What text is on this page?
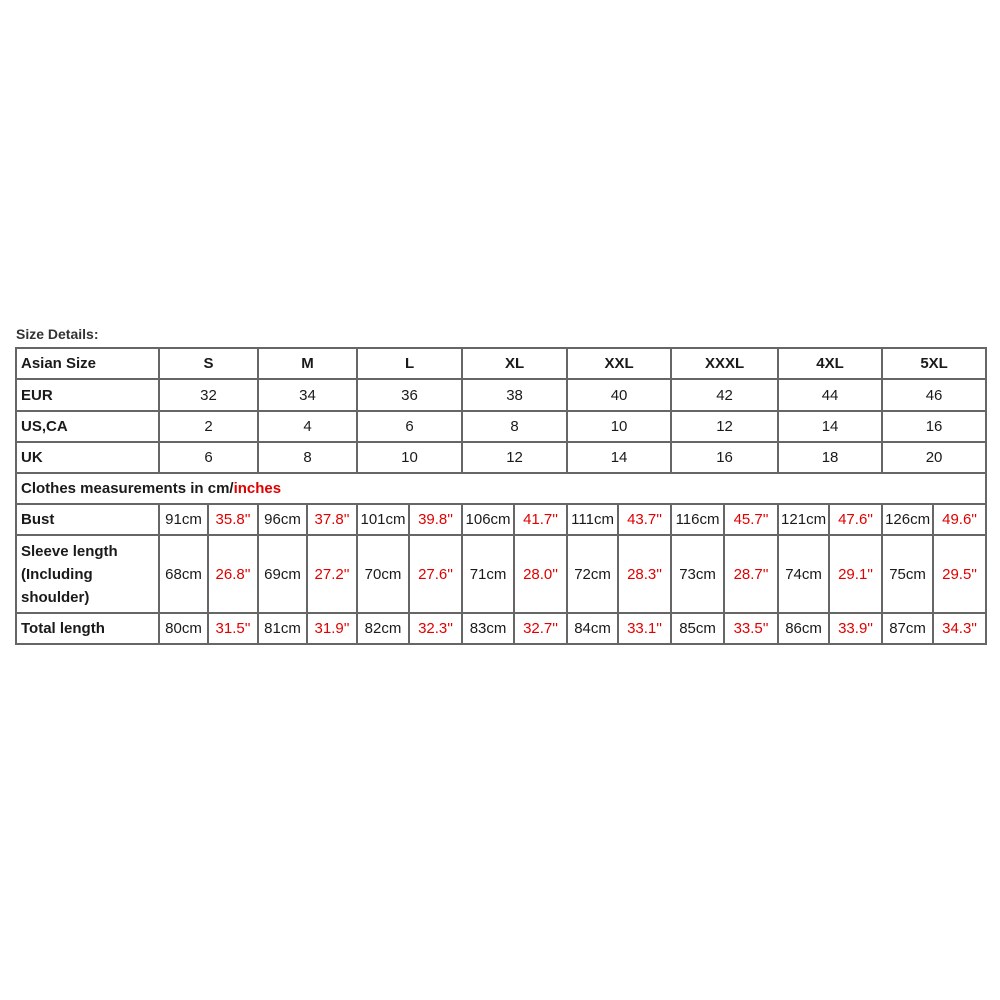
Size Details:
Asian Size	S		M		L		XL		XXL		XXXL		4XL		5XL	
EUR	32		34		36		38		40		42		44		46	
US,CA	2		4		6		8		10		12		14		16	
UK	6		8		10		12		14		16		18		20	
Clothes measurements in cm/inches																
Bust	91cm	35.8''	96cm	37.8''	101cm	39.8''	106cm	41.7''	111cm	43.7''	116cm	45.7''	121cm	47.6''	126cm	49.6''
Sleeve length (Including shoulder)	68cm	26.8''	69cm	27.2''	70cm	27.6''	71cm	28.0''	72cm	28.3''	73cm	28.7''	74cm	29.1''	75cm	29.5''
Total length	80cm	31.5''	81cm	31.9''	82cm	32.3''	83cm	32.7''	84cm	33.1''	85cm	33.5''	86cm	33.9''	87cm	34.3''
